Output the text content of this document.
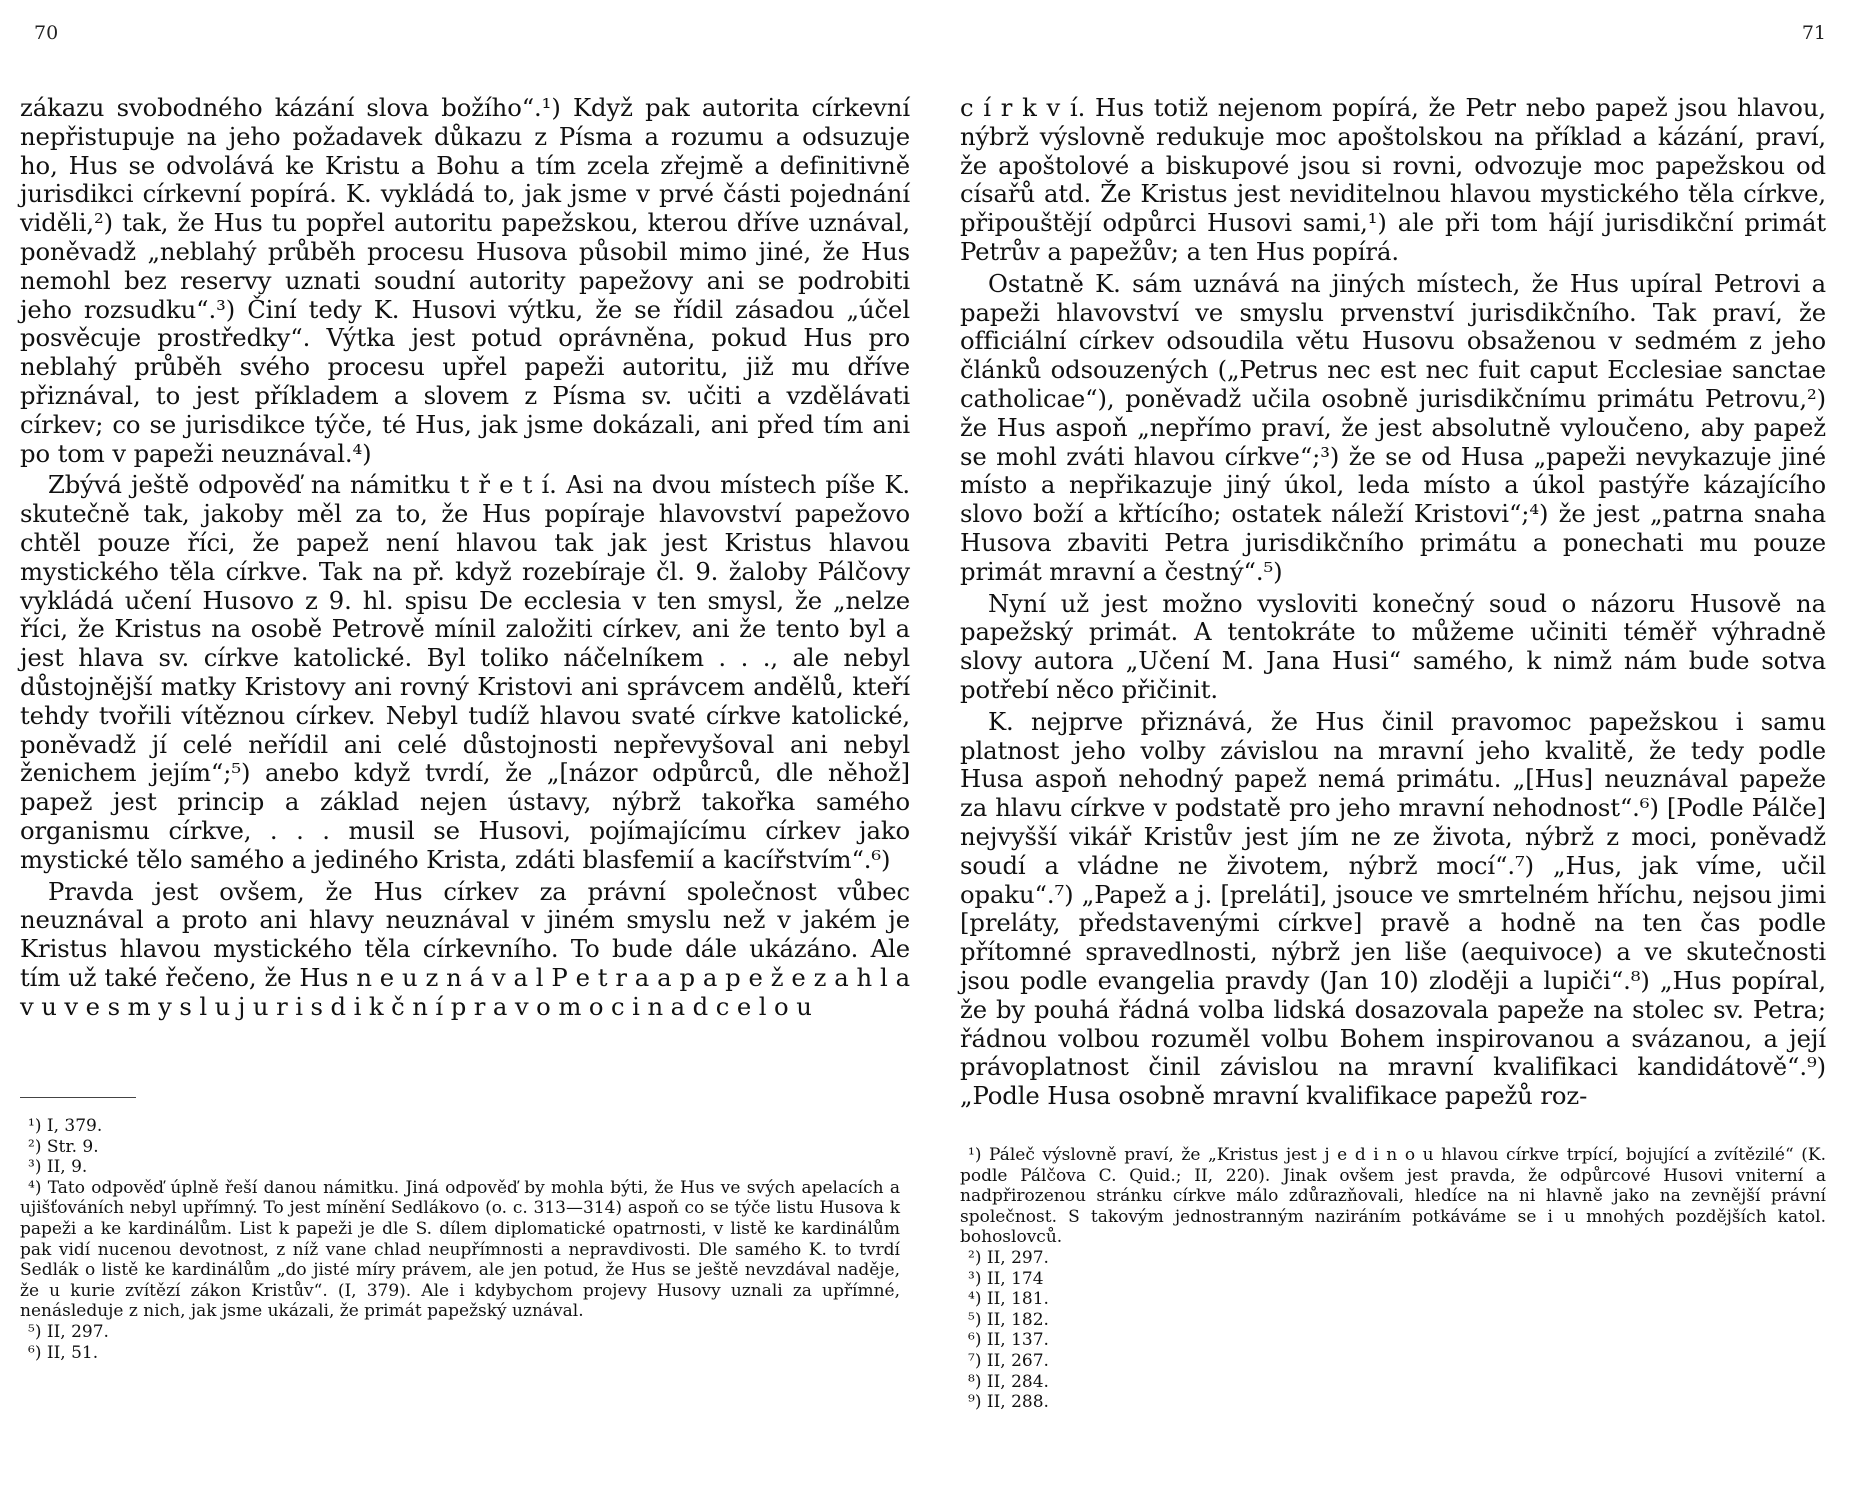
70

zákazu svobodného kázání slova božího“.¹) Když pak autorita církevní nepřistupuje na jeho požadavek důkazu z Písma a rozumu a odsuzuje ho, Hus se odvolává ke Kristu a Bohu a tím zcela zřejmě a definitivně jurisdikci církevní popírá. K. vykládá to, jak jsme v prvé části pojednání viděli,²) tak, že Hus tu popřel autoritu papežskou, kterou dříve uznával, poněvadž „neblahý průběh procesu Husova působil mimo jiné, že Hus nemohl bez reservy uznati soudní autority papežovy ani se podrobiti jeho rozsudku“.³) Činí tedy K. Husovi výtku, že se řídil zásadou „účel posvěcuje prostředky“. Výtka jest potud oprávněna, pokud Hus pro neblahý průběh svého procesu upřel papeži autoritu, již mu dříve přiznával, to jest příkladem a slovem z Písma sv. učiti a vzdělávati církev; co se jurisdikce týče, té Hus, jak jsme dokázali, ani před tím ani po tom v papeži neuznával.⁴)

Zbývá ještě odpověď na námitku t ř e t í. Asi na dvou místech píše K. skutečně tak, jakoby měl za to, že Hus popíraje hlavovství papežovo chtěl pouze říci, že papež není hlavou tak jak jest Kristus hlavou mystického těla církve. Tak na př. když rozebíraje čl. 9. žaloby Pálčovy vykládá učení Husovo z 9. hl. spisu De ecclesia v ten smysl, že „nelze říci, že Kristus na osobě Petrově mínil založiti církev, ani že tento byl a jest hlava sv. církve katolické. Byl toliko náčelníkem . . ., ale nebyl důstojnější matky Kristovy ani rovný Kristovi ani správcem andělů, kteří tehdy tvořili vítěznou církev. Nebyl tudíž hlavou svaté církve katolické, poněvadž jí celé neřídil ani celé důstojnosti nepřevyšoval ani nebyl ženichem jejím“;⁵) anebo když tvrdí, že „[názor odpůrců, dle něhož] papež jest princip a základ nejen ústavy, nýbrž takořka samého organismu církve, . . . musil se Husovi, pojímajícímu církev jako mystické tělo samého a jediného Krista, zdáti blasfemií a kacířstvím“.⁶)

Pravda jest ovšem, že Hus církev za právní společnost vůbec neuznával a proto ani hlavy neuznával v jiném smyslu než v jakém je Kristus hlavou mystického těla církevního. To bude dále ukázáno. Ale tím už také řečeno, že Hus n e u z n á v a l P e t r a a p a p e ž e z a h l a v u v e s m y s l u j u r i s d i k č n í p r a v o m o c i n a d c e l o u

¹) I, 379.

²) Str. 9.

³) II, 9.

⁴) Tato odpověď úplně řeší danou námitku. Jiná odpověď by mohla býti, že Hus ve svých apelacích a ujišťováních nebyl upřímný. To jest mínění Sedlákovo (o. c. 313—314) aspoň co se týče listu Husova k papeži a ke kardinálům. List k papeži je dle S. dílem diplomatické opatrnosti, v listě ke kardinálům pak vidí nucenou devotnost, z níž vane chlad neupřímnosti a nepravdivosti. Dle samého K. to tvrdí Sedlák o listě ke kardinálům „do jisté míry právem, ale jen potud, že Hus se ještě nevzdával naděje, že u kurie zvítězí zákon Kristův“. (I, 379). Ale i kdybychom projevy Husovy uznali za upřímné, nenásleduje z nich, jak jsme ukázali, že primát papežský uznával.

⁵) II, 297.

⁶) II, 51.

71

c í r k v í. Hus totiž nejenom popírá, že Petr nebo papež jsou hlavou, nýbrž výslovně redukuje moc apoštolskou na příklad a kázání, praví, že apoštolové a biskupové jsou si rovni, odvozuje moc papežskou od císařů atd. Že Kristus jest neviditelnou hlavou mystického těla církve, připouštějí odpůrci Husovi sami,¹) ale při tom hájí jurisdikční primát Petrův a papežův; a ten Hus popírá.

Ostatně K. sám uznává na jiných místech, že Hus upíral Petrovi a papeži hlavovství ve smyslu prvenství jurisdikčního. Tak praví, že officiální církev odsoudila větu Husovu obsaženou v sedmém z jeho článků odsouzených („Petrus nec est nec fuit caput Ecclesiae sanctae catholicae“), poněvadž učila osobně jurisdikčnímu primátu Petrovu,²) že Hus aspoň „nepřímo praví, že jest absolutně vyloučeno, aby papež se mohl zváti hlavou církve“;³) že se od Husa „papeži nevykazuje jiné místo a nepřikazuje jiný úkol, leda místo a úkol pastýře kázajícího slovo boží a křtícího; ostatek náleží Kristovi“;⁴) že jest „patrna snaha Husova zbaviti Petra jurisdikčního primátu a ponechati mu pouze primát mravní a čestný“.⁵)

Nyní už jest možno vysloviti konečný soud o názoru Husově na papežský primát. A tentokráte to můžeme učiniti téměř výhradně slovy autora „Učení M. Jana Husi“ samého, k nimž nám bude sotva potřebí něco přičinit.

K. nejprve přiznává, že Hus činil pravomoc papežskou i samu platnost jeho volby závislou na mravní jeho kvalitě, že tedy podle Husa aspoň nehodný papež nemá primátu. „[Hus] neuznával papeže za hlavu církve v podstatě pro jeho mravní nehodnost“.⁶) [Podle Pálče] nejvyšší vikář Kristův jest jím ne ze života, nýbrž z moci, poněvadž soudí a vládne ne životem, nýbrž mocí“.⁷) „Hus, jak víme, učil opaku“.⁷) „Papež a j. [preláti], jsouce ve smrtelném hříchu, nejsou jimi [preláty, představenými církve] pravě a hodně na ten čas podle přítomné spravedlnosti, nýbrž jen liše (aequivoce) a ve skutečnosti jsou podle evangelia pravdy (Jan 10) zloději a lupiči“.⁸) „Hus popíral, že by pouhá řádná volba lidská dosazovala papeže na stolec sv. Petra; řádnou volbou rozuměl volbu Bohem inspirovanou a svázanou, a její právoplatnost činil závislou na mravní kvalifikaci kandidátově“.⁹) „Podle Husa osobně mravní kvalifikace papežů roz-

¹) Páleč výslovně praví, že „Kristus jest j e d i n o u hlavou církve trpící, bojující a zvítězilé“ (K. podle Pálčova C. Quid.; II, 220). Jinak ovšem jest pravda, že odpůrcové Husovi vniterní a nadpřirozenou stránku církve málo zdůrazňovali, hledíce na ni hlavně jako na zevnější právní společnost. S takovým jednostranným naziráním potkáváme se i u mnohých pozdějších katol. bohoslovců.

²) II, 297.

³) II, 174

⁴) II, 181.

⁵) II, 182.

⁶) II, 137.

⁷) II, 267.

⁸) II, 284.

⁹) II, 288.
